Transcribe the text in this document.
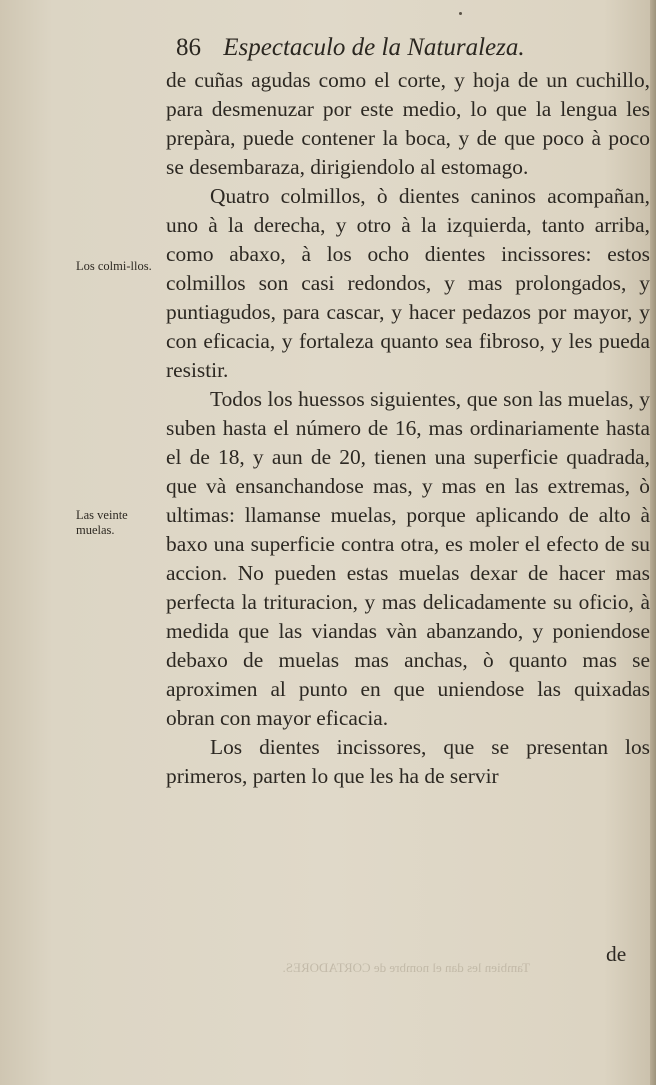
86 Espectaculo de la Naturaleza.
Los colmi-llos.
Las veinte muelas.

de cuñas agudas como el corte, y hoja de un cuchillo, para desmenuzar por este medio, lo que la lengua les prepàra, puede contener la boca, y de que poco à poco se desembaraza, dirigiendolo al estomago.

Quatro colmillos, ò dientes caninos acompañan, uno à la derecha, y otro à la izquierda, tanto arriba, como abaxo, à los ocho dientes incissores: estos colmillos son casi redondos, y mas prolongados, y puntiagudos, para cascar, y hacer pedazos por mayor, y con eficacia, y fortaleza quanto sea fibroso, y les pueda resistir.

Todos los huessos siguientes, que son las muelas, y suben hasta el número de 16, mas ordinariamente hasta el de 18, y aun de 20, tienen una superficie quadrada, que và ensanchandose mas, y mas en las extremas, ò ultimas: llamanse muelas, porque aplicando de alto à baxo una superficie contra otra, es moler el efecto de su accion. No pueden estas muelas dexar de hacer mas perfecta la trituracion, y mas delicadamente su oficio, à medida que las viandas vàn abanzando, y poniendose debaxo de muelas mas anchas, ò quanto mas se aproximen al punto en que uniendose las quixadas obran con mayor eficacia.

Los dientes incissores, que se presentan los primeros, parten lo que les ha de servir

de
Tambien les dan el nombre de CORTADORES.
